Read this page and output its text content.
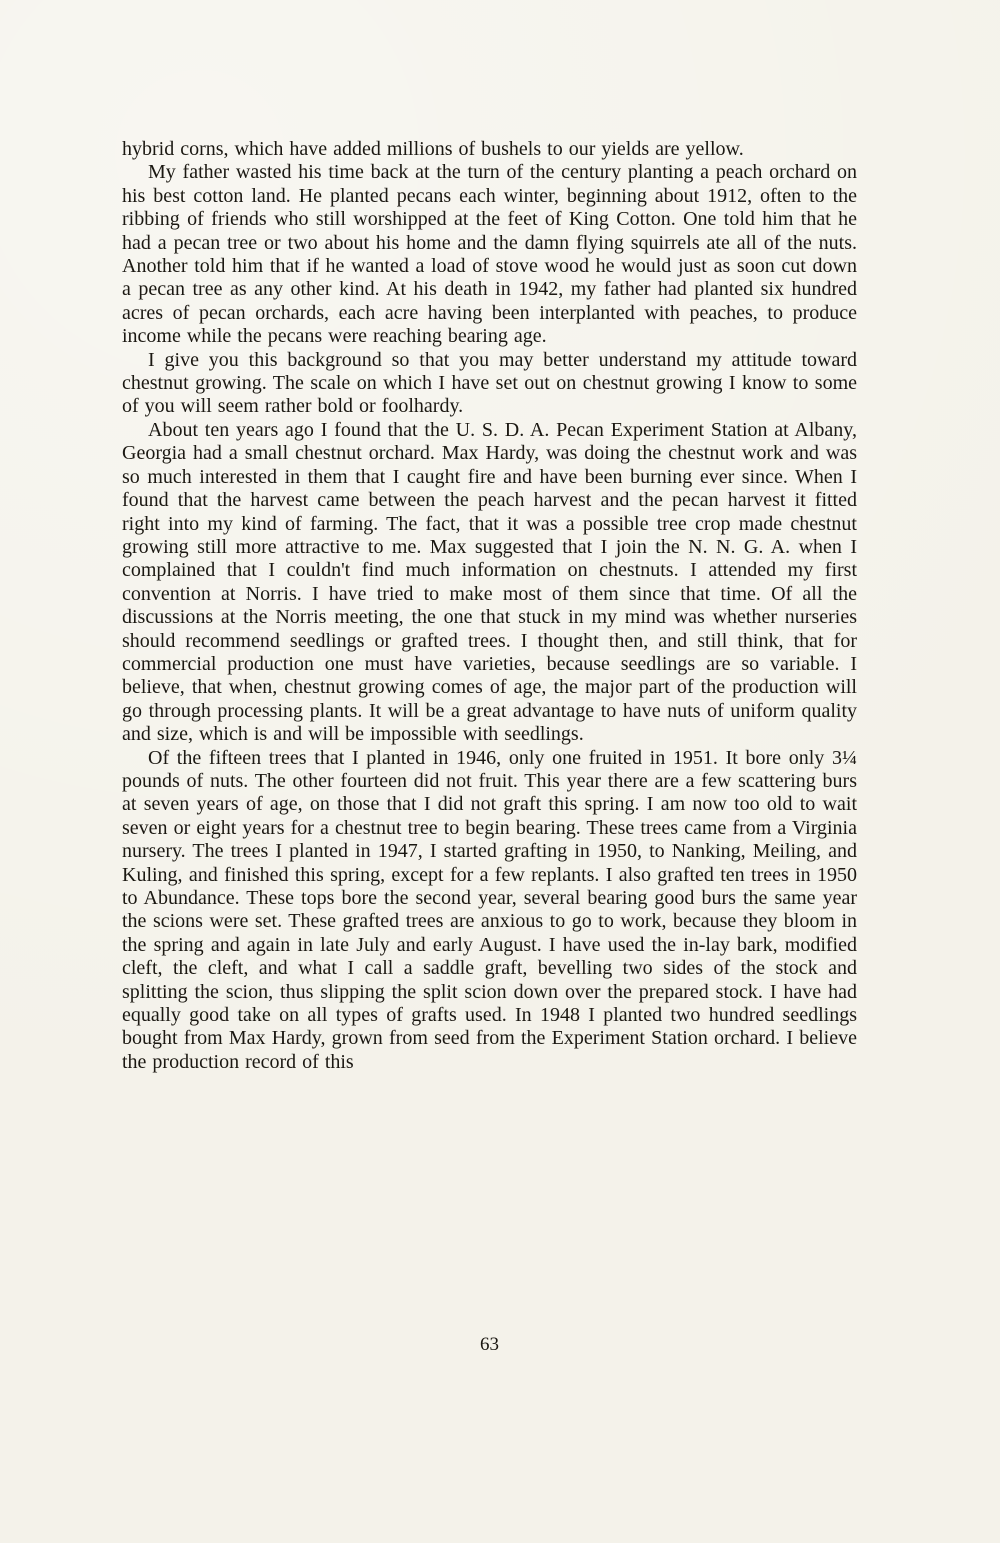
hybrid corns, which have added millions of bushels to our yields are yellow.

My father wasted his time back at the turn of the century planting a peach orchard on his best cotton land. He planted pecans each winter, beginning about 1912, often to the ribbing of friends who still worshipped at the feet of King Cotton. One told him that he had a pecan tree or two about his home and the damn flying squirrels ate all of the nuts. Another told him that if he wanted a load of stove wood he would just as soon cut down a pecan tree as any other kind. At his death in 1942, my father had planted six hundred acres of pecan orchards, each acre having been interplanted with peaches, to produce income while the pecans were reaching bearing age.

I give you this background so that you may better understand my attitude toward chestnut growing. The scale on which I have set out on chestnut growing I know to some of you will seem rather bold or foolhardy.

About ten years ago I found that the U. S. D. A. Pecan Experiment Station at Albany, Georgia had a small chestnut orchard. Max Hardy, was doing the chestnut work and was so much interested in them that I caught fire and have been burning ever since. When I found that the harvest came between the peach harvest and the pecan harvest it fitted right into my kind of farming. The fact, that it was a possible tree crop made chestnut growing still more attractive to me. Max suggested that I join the N. N. G. A. when I complained that I couldn't find much information on chestnuts. I attended my first convention at Norris. I have tried to make most of them since that time. Of all the discussions at the Norris meeting, the one that stuck in my mind was whether nurseries should recommend seedlings or grafted trees. I thought then, and still think, that for commercial production one must have varieties, because seedlings are so variable. I believe, that when, chestnut growing comes of age, the major part of the production will go through processing plants. It will be a great advantage to have nuts of uniform quality and size, which is and will be impossible with seedlings.

Of the fifteen trees that I planted in 1946, only one fruited in 1951. It bore only 3¼ pounds of nuts. The other fourteen did not fruit. This year there are a few scattering burs at seven years of age, on those that I did not graft this spring. I am now too old to wait seven or eight years for a chestnut tree to begin bearing. These trees came from a Virginia nursery. The trees I planted in 1947, I started grafting in 1950, to Nanking, Meiling, and Kuling, and finished this spring, except for a few replants. I also grafted ten trees in 1950 to Abundance. These tops bore the second year, several bearing good burs the same year the scions were set. These grafted trees are anxious to go to work, because they bloom in the spring and again in late July and early August. I have used the in-lay bark, modified cleft, the cleft, and what I call a saddle graft, bevelling two sides of the stock and splitting the scion, thus slipping the split scion down over the prepared stock. I have had equally good take on all types of grafts used. In 1948 I planted two hundred seedlings bought from Max Hardy, grown from seed from the Experiment Station orchard. I believe the production record of this

63
